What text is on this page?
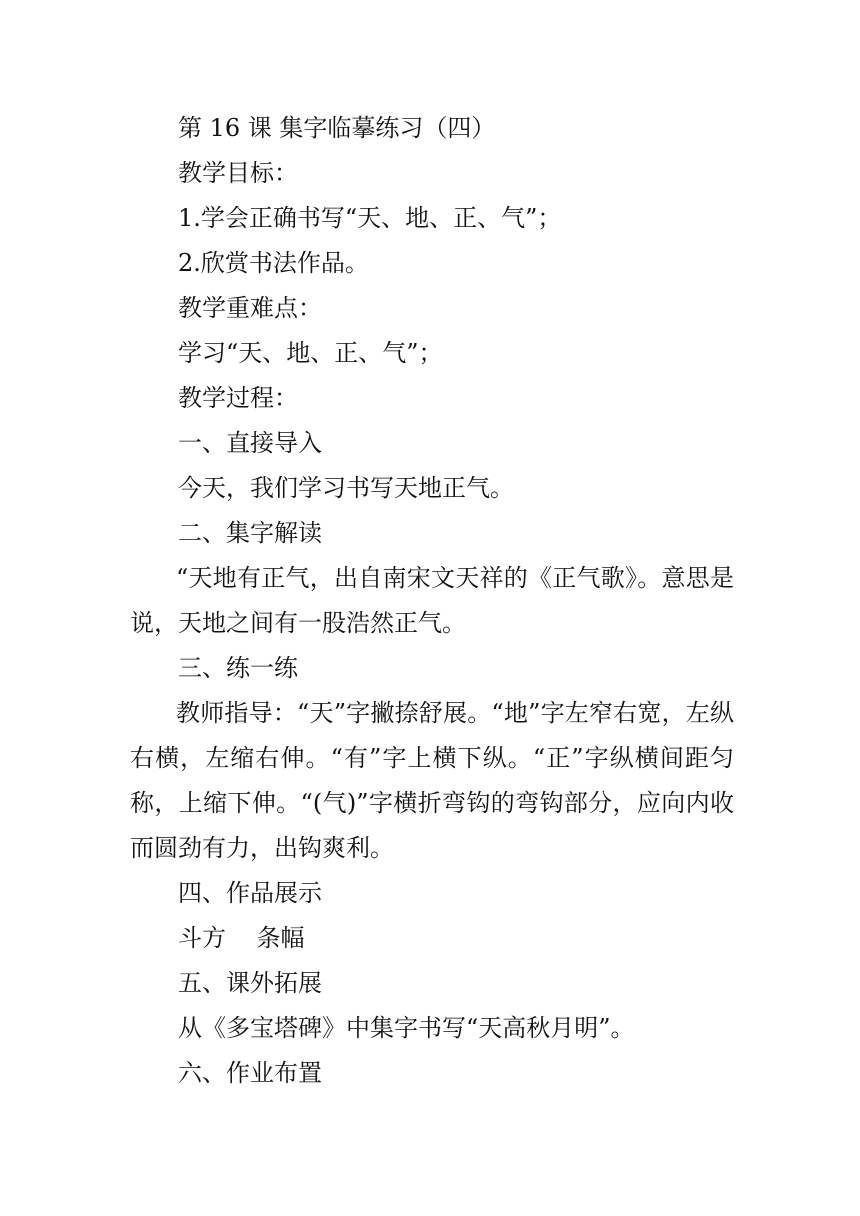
第 16 课 集字临摹练习（四）
教学目标：
1.学会正确书写“天、地、正、气”；
2.欣赏书法作品。
教学重难点：
学习“天、地、正、气”；
教学过程：
一、直接导入
今天，我们学习书写天地正气。
二、集字解读
“天地有正气，出自南宋文天祥的《正气歌》。意思是说，天地之间有一股浩然正气。
三、练一练
教师指导：“天”字撇捺舒展。“地”字左窄右宽，左纵右横，左缩右伸。“有”字上横下纵。“正”字纵横间距匀称，上缩下伸。“(气)”字横折弯钩的弯钩部分，应向内收而圆劲有力，出钩爽利。
四、作品展示
斗方    条幅
五、课外拓展
从《多宝塔碑》中集字书写“天高秋月明”。
六、作业布置
